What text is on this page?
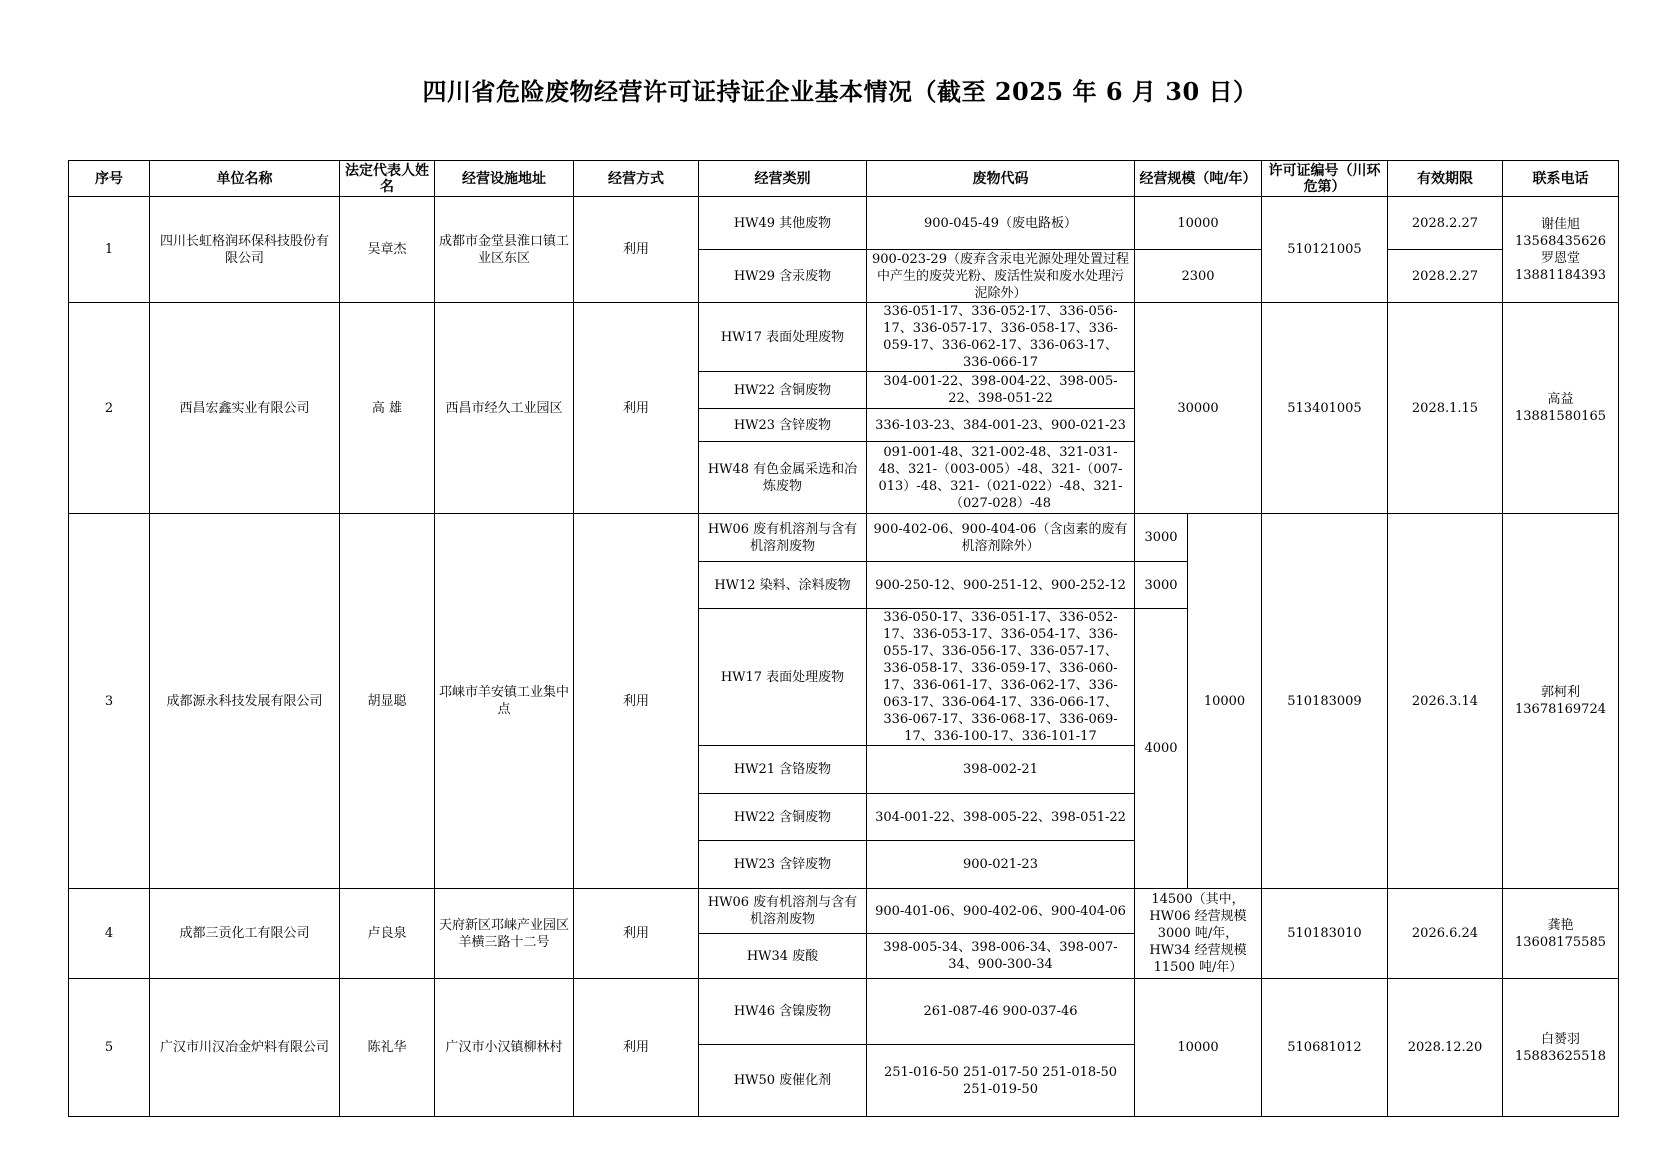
四川省危险废物经营许可证持证企业基本情况（截至 2025 年 6 月 30 日）
序号	单位名称	法定代表人姓名	经营设施地址	经营方式	经营类别	废物代码	经营规模（吨/年）		许可证编号（川环危第）	有效期限	联系电话
1	四川长虹格润环保科技股份有限公司	吴章杰	成都市金堂县淮口镇工业区东区	利用	HW49 其他废物	900-045-49（废电路板）	10000		510121005	2028.2.27	谢佳旭 13568435626 罗恩堂 13881184393
					HW29 含汞废物	900-023-29（废弃含汞电光源处理处置过程中产生的废荧光粉、废活性炭和废水处理污泥除外）	2300			2028.2.27	
2	西昌宏鑫实业有限公司	高 雄	西昌市经久工业园区	利用	HW17 表面处理废物	336-051-17、336-052-17、336-056-17、336-057-17、336-058-17、336-059-17、336-062-17、336-063-17、336-066-17	30000		513401005	2028.1.15	高益 13881580165
					HW22 含铜废物	304-001-22、398-004-22、398-005-22、398-051-22					
					HW23 含锌废物	336-103-23、384-001-23、900-021-23					
					HW48 有色金属采选和冶炼废物	091-001-48、321-002-48、321-031-48、321-（003-005）-48、321-（007-013）-48、321-（021-022）-48、321-（027-028）-48					
3	成都源永科技发展有限公司	胡显聪	邛崃市羊安镇工业集中点	利用	HW06 废有机溶剂与含有机溶剂废物	900-402-06、900-404-06（含卤素的废有机溶剂除外）	3000	10000	510183009	2026.3.14	郭柯利 13678169724
					HW12 染料、涂料废物	900-250-12、900-251-12、900-252-12	3000				
					HW17 表面处理废物	336-050-17、336-051-17、336-052-17、336-053-17、336-054-17、336-055-17、336-056-17、336-057-17、336-058-17、336-059-17、336-060-17、336-061-17、336-062-17、336-063-17、336-064-17、336-066-17、336-067-17、336-068-17、336-069-17、336-100-17、336-101-17	4000				
					HW21 含铬废物	398-002-21					
					HW22 含铜废物	304-001-22、398-005-22、398-051-22					
					HW23 含锌废物	900-021-23					
4	成都三贡化工有限公司	卢良泉	天府新区邛崃产业园区羊横三路十二号	利用	HW06 废有机溶剂与含有机溶剂废物	900-401-06、900-402-06、900-404-06	14500（其中，HW06 经营规模 3000 吨/年，HW34 经营规模 11500 吨/年）		510183010	2026.6.24	龚艳 13608175585
					HW34 废酸	398-005-34、398-006-34、398-007-34、900-300-34					
5	广汉市川汉冶金炉料有限公司	陈礼华	广汉市小汉镇柳林村	利用	HW46 含镍废物	261-087-46 900-037-46	10000		510681012	2028.12.20	白赟羽 15883625518
					HW50 废催化剂	251-016-50 251-017-50 251-018-50 251-019-50					
